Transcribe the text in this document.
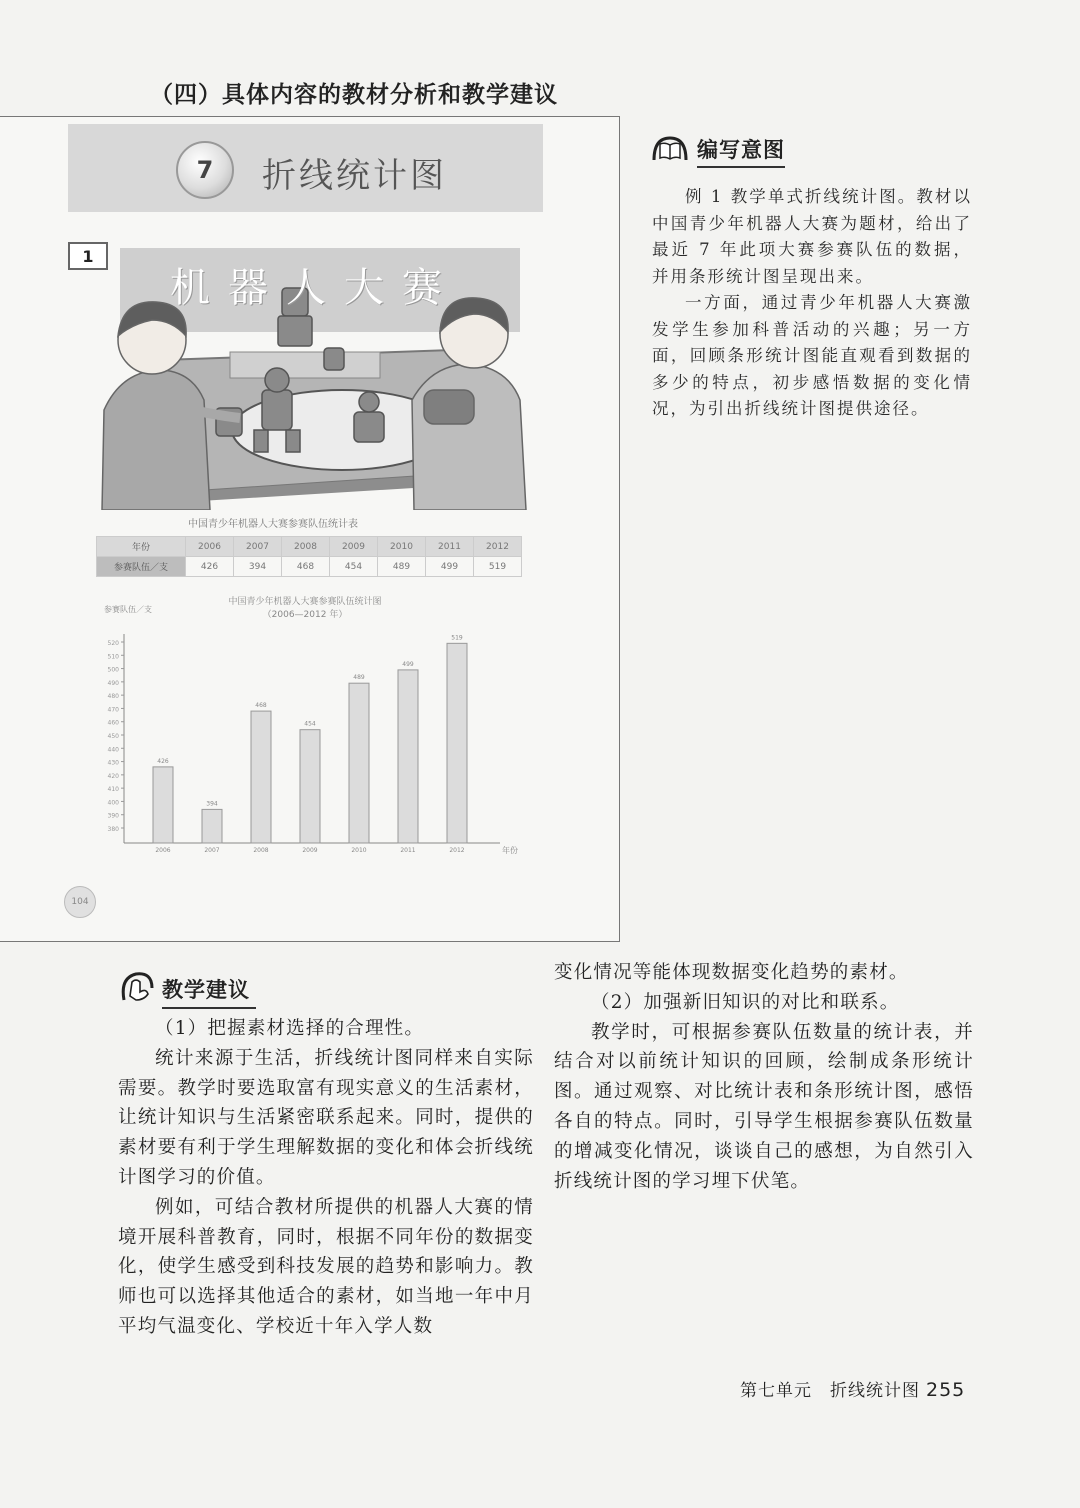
（四）具体内容的教材分析和教学建议
7	折线统计图
1
机器人大赛
中国青少年机器人大赛参赛队伍统计表
年份	2006	2007	2008	2009	2010	2011	2012
参赛队伍／支	426	394	468	454	489	499	519
中国青少年机器人大赛参赛队伍统计图
（2006—2012 年）
参赛队伍／支
年份
380
390
400
410
420
430
440
450
460
470
480
490
500
510
520
426
2006
394
2007
468
2008
454
2009
489
2010
499
2011
519
2012
104
编写意图

例 1 教学单式折线统计图。教材以中国青少年机器人大赛为题材，给出了最近 7 年此项大赛参赛队伍的数据，并用条形统计图呈现出来。

一方面，通过青少年机器人大赛激发学生参加科普活动的兴趣；另一方面，回顾条形统计图能直观看到数据的多少的特点，初步感悟数据的变化情况，为引出折线统计图提供途径。

教学建议

（1）把握素材选择的合理性。

统计来源于生活，折线统计图同样来自实际需要。教学时要选取富有现实意义的生活素材，让统计知识与生活紧密联系起来。同时，提供的素材要有利于学生理解数据的变化和体会折线统计图学习的价值。

例如，可结合教材所提供的机器人大赛的情境开展科普教育，同时，根据不同年份的数据变化，使学生感受到科技发展的趋势和影响力。教师也可以选择其他适合的素材，如当地一年中月平均气温变化、学校近十年入学人数

变化情况等能体现数据变化趋势的素材。

（2）加强新旧知识的对比和联系。

教学时，可根据参赛队伍数量的统计表，并结合对以前统计知识的回顾，绘制成条形统计图。通过观察、对比统计表和条形统计图，感悟各自的特点。同时，引导学生根据参赛队伍数量的增减变化情况，谈谈自己的感想，为自然引入折线统计图的学习埋下伏笔。

第七单元　折线统计图 255
